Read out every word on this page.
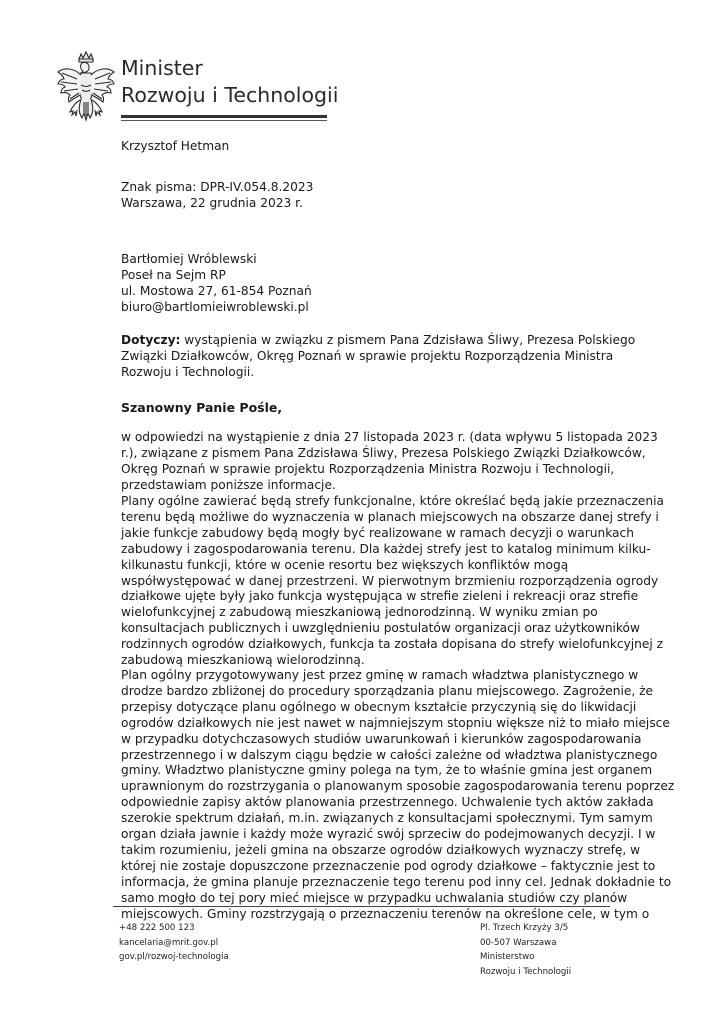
Minister
Rozwoju i Technologii
Krzysztof Hetman
Znak pisma: DPR-IV.054.8.2023
Warszawa, 22 grudnia 2023 r.
Bartłomiej Wróblewski
Poseł na Sejm RP
ul. Mostowa 27, 61-854 Poznań
biuro@bartlomieiwroblewski.pl
Dotyczy: wystąpienia w związku z pismem Pana Zdzisława Śliwy, Prezesa Polskiego
Związki Działkowców, Okręg Poznań w sprawie projektu Rozporządzenia Ministra
Rozwoju i Technologii.
Szanowny Panie Pośle,
w odpowiedzi na wystąpienie z dnia 27 listopada 2023 r. (data wpływu 5 listopada 2023
r.), związane z pismem Pana Zdzisława Śliwy, Prezesa Polskiego Związki Działkowców,
Okręg Poznań w sprawie projektu Rozporządzenia Ministra Rozwoju i Technologii,
przedstawiam poniższe informacje.
Plany ogólne zawierać będą strefy funkcjonalne, które określać będą jakie przeznaczenia
terenu będą możliwe do wyznaczenia w planach miejscowych na obszarze danej strefy i
jakie funkcje zabudowy będą mogły być realizowane w ramach decyzji o warunkach
zabudowy i zagospodarowania terenu. Dla każdej strefy jest to katalog minimum kilku-
kilkunastu funkcji, które w ocenie resortu bez większych konfliktów mogą
współwystępować w danej przestrzeni. W pierwotnym brzmieniu rozporządzenia ogrody
działkowe ujęte były jako funkcja występująca w strefie zieleni i rekreacji oraz strefie
wielofunkcyjnej z zabudową mieszkaniową jednorodzinną. W wyniku zmian po
konsultacjach publicznych i uwzględnieniu postulatów organizacji oraz użytkowników
rodzinnych ogrodów działkowych, funkcja ta została dopisana do strefy wielofunkcyjnej z
zabudową mieszkaniową wielorodzinną.
Plan ogólny przygotowywany jest przez gminę w ramach władztwa planistycznego w
drodze bardzo zbliżonej do procedury sporządzania planu miejscowego. Zagrożenie, że
przepisy dotyczące planu ogólnego w obecnym kształcie przyczynią się do likwidacji
ogrodów działkowych nie jest nawet w najmniejszym stopniu większe niż to miało miejsce
w przypadku dotychczasowych studiów uwarunkowań i kierunków zagospodarowania
przestrzennego i w dalszym ciągu będzie w całości zależne od władztwa planistycznego
gminy. Władztwo planistyczne gminy polega na tym, że to właśnie gmina jest organem
uprawnionym do rozstrzygania o planowanym sposobie zagospodarowania terenu poprzez
odpowiednie zapisy aktów planowania przestrzennego. Uchwalenie tych aktów zakłada
szerokie spektrum działań, m.in. związanych z konsultacjami społecznymi. Tym samym
organ działa jawnie i każdy może wyrazić swój sprzeciw do podejmowanych decyzji. I w
takim rozumieniu, jeżeli gmina na obszarze ogrodów działkowych wyznaczy strefę, w
której nie zostaje dopuszczone przeznaczenie pod ogrody działkowe – faktycznie jest to
informacja, że gmina planuje przeznaczenie tego terenu pod inny cel. Jednak dokładnie to
samo mogło do tej pory mieć miejsce w przypadku uchwalania studiów czy planów
miejscowych. Gminy rozstrzygają o przeznaczeniu terenów na określone cele, w tym o
+48 222 500 123
kancelaria@mrit.gov.pl
gov.pl/rozwoj-technologia
Pl. Trzech Krzyży 3/5
00-507 Warszawa
Ministerstwo
Rozwoju i Technologii
